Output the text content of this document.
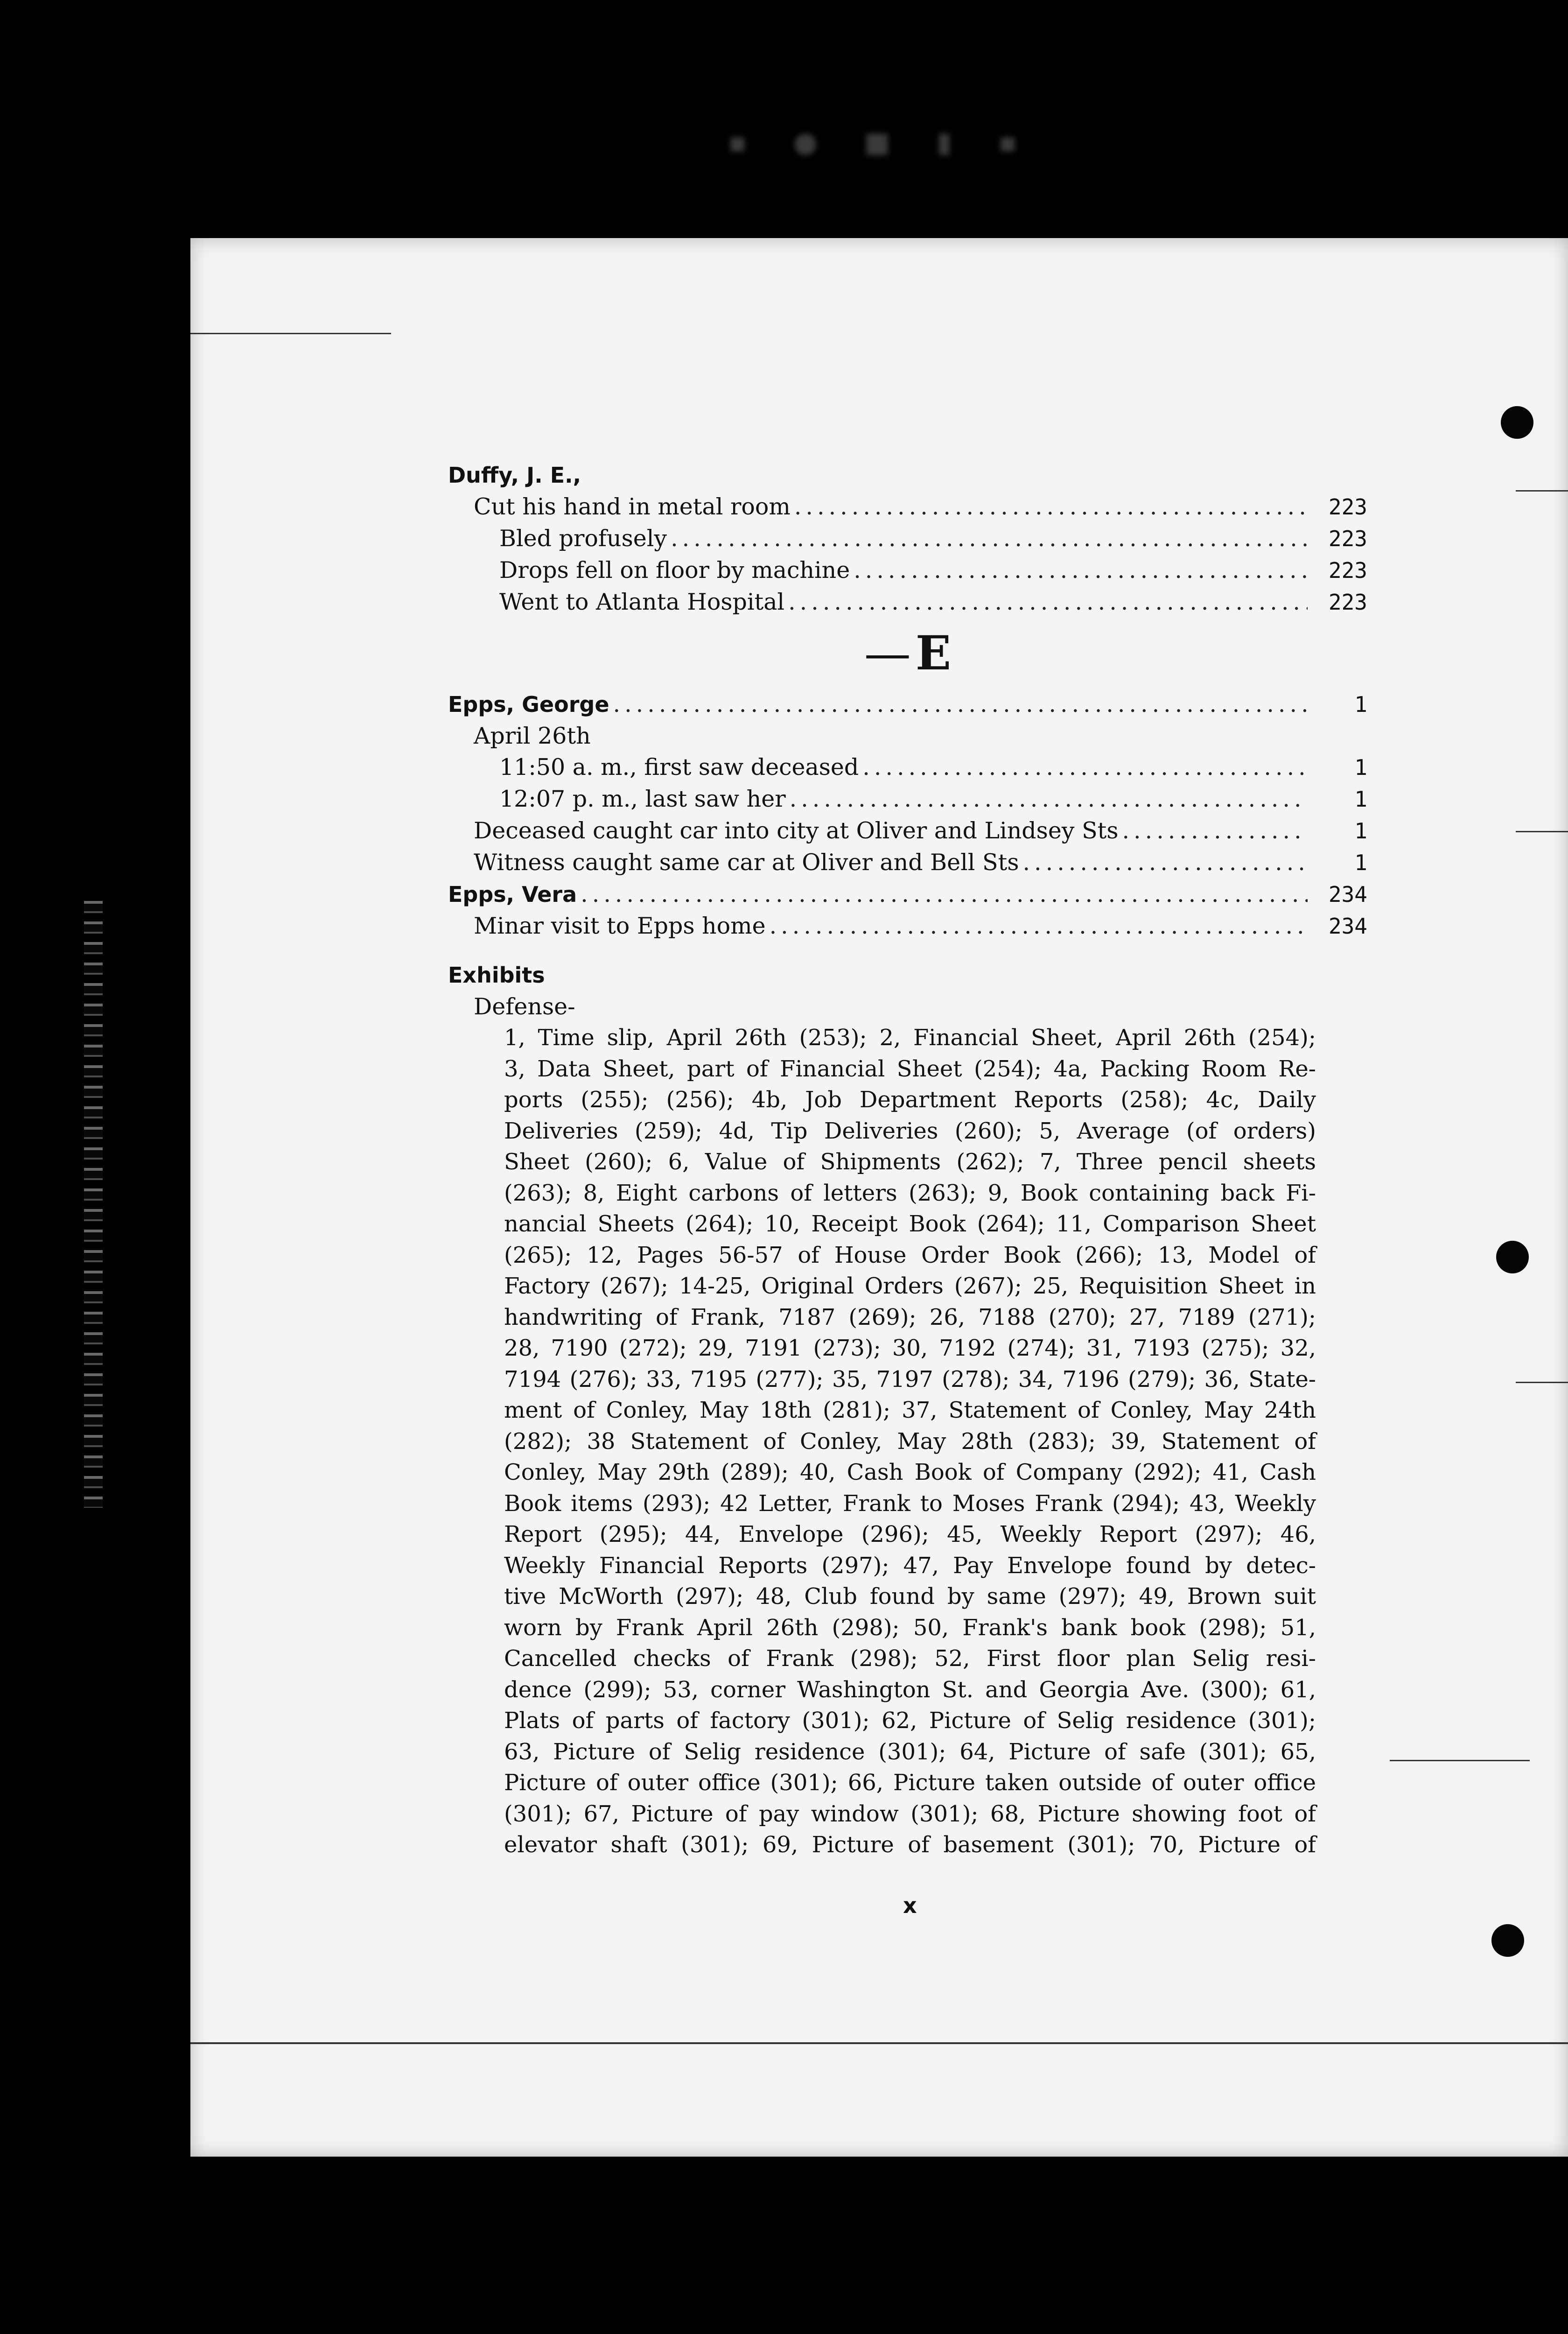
▪ ● ■ ▮ ▪
Duffy, J. E.,
Cut his hand in metal room .....	223
Bled profusely .....	223
Drops fell on floor by machine .....	223
Went to Atlanta Hospital .....	223
— E
Epps, George .....	1
April 26th
11:50 a. m., first saw deceased .....	1
12:07 p. m., last saw her .....	1
Deceased caught car into city at Oliver and Lindsey Sts .....	1
Witness caught same car at Oliver and Bell Sts .....	1
Epps, Vera .....	234
Minar visit to Epps home .....	234
Exhibits
Defense-
1, Time slip, April 26th (253); 2, Financial Sheet, April 26th (254);
3, Data Sheet, part of Financial Sheet (254); 4a, Packing Room Re-
ports (255); (256); 4b, Job Department Reports (258); 4c, Daily
Deliveries (259); 4d, Tip Deliveries (260); 5, Average (of orders)
Sheet (260); 6, Value of Shipments (262); 7, Three pencil sheets
(263); 8, Eight carbons of letters (263); 9, Book containing back Fi-
nancial Sheets (264); 10, Receipt Book (264); 11, Comparison Sheet
(265); 12, Pages 56-57 of House Order Book (266); 13, Model of
Factory (267); 14-25, Original Orders (267); 25, Requisition Sheet in
handwriting of Frank, 7187 (269); 26, 7188 (270); 27, 7189 (271);
28, 7190 (272); 29, 7191 (273); 30, 7192 (274); 31, 7193 (275); 32,
7194 (276); 33, 7195 (277); 35, 7197 (278); 34, 7196 (279); 36, State-
ment of Conley, May 18th (281); 37, Statement of Conley, May 24th
(282); 38 Statement of Conley, May 28th (283); 39, Statement of
Conley, May 29th (289); 40, Cash Book of Company (292); 41, Cash
Book items (293); 42 Letter, Frank to Moses Frank (294); 43, Weekly
Report (295); 44, Envelope (296); 45, Weekly Report (297); 46,
Weekly Financial Reports (297); 47, Pay Envelope found by detec-
tive McWorth (297); 48, Club found by same (297); 49, Brown suit
worn by Frank April 26th (298); 50, Frank's bank book (298); 51,
Cancelled checks of Frank (298); 52, First floor plan Selig resi-
dence (299); 53, corner Washington St. and Georgia Ave. (300); 61,
Plats of parts of factory (301); 62, Picture of Selig residence (301);
63, Picture of Selig residence (301); 64, Picture of safe (301); 65,
Picture of outer office (301); 66, Picture taken outside of outer office
(301); 67, Picture of pay window (301); 68, Picture showing foot of
elevator shaft (301); 69, Picture of basement (301); 70, Picture of
x
